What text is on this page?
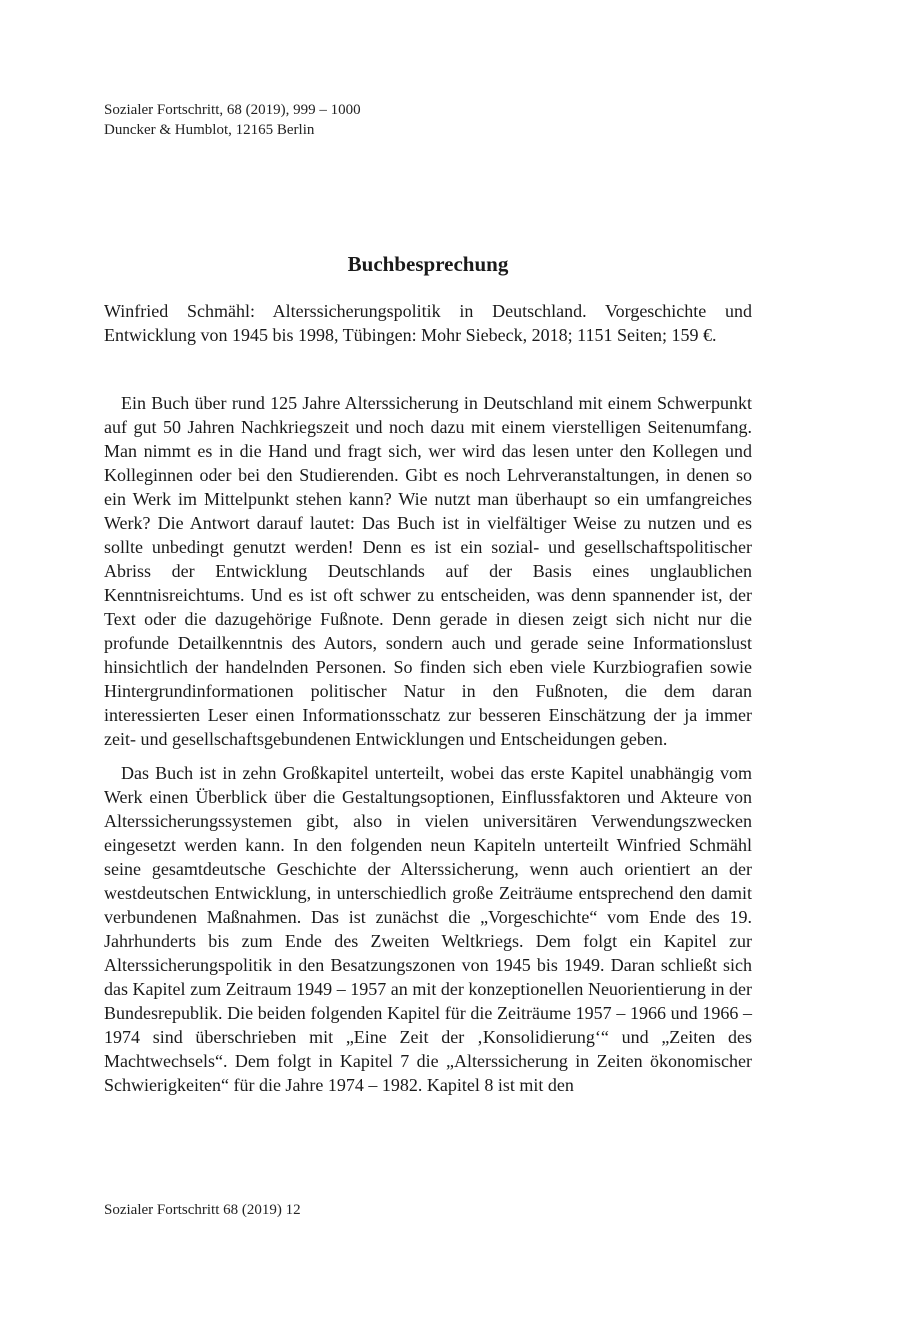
Sozialer Fortschritt, 68 (2019), 999 – 1000
Duncker & Humblot, 12165 Berlin
Buchbesprechung

Winfried Schmähl: Alterssicherungspolitik in Deutschland. Vorgeschichte und Entwicklung von 1945 bis 1998, Tübingen: Mohr Siebeck, 2018; 1151 Seiten; 159 €.

Ein Buch über rund 125 Jahre Alterssicherung in Deutschland mit einem Schwerpunkt auf gut 50 Jahren Nachkriegszeit und noch dazu mit einem vierstelligen Seitenumfang. Man nimmt es in die Hand und fragt sich, wer wird das lesen unter den Kollegen und Kolleginnen oder bei den Studierenden. Gibt es noch Lehrveranstaltungen, in denen so ein Werk im Mittelpunkt stehen kann? Wie nutzt man überhaupt so ein umfangreiches Werk? Die Antwort darauf lautet: Das Buch ist in vielfältiger Weise zu nutzen und es sollte unbedingt genutzt werden! Denn es ist ein sozial- und gesellschaftspolitischer Abriss der Entwicklung Deutschlands auf der Basis eines unglaublichen Kenntnisreichtums. Und es ist oft schwer zu entscheiden, was denn spannender ist, der Text oder die dazugehörige Fußnote. Denn gerade in diesen zeigt sich nicht nur die profunde Detailkenntnis des Autors, sondern auch und gerade seine Informationslust hinsichtlich der handelnden Personen. So finden sich eben viele Kurzbiografien sowie Hintergrundinformationen politischer Natur in den Fußnoten, die dem daran interessierten Leser einen Informationsschatz zur besseren Einschätzung der ja immer zeit- und gesellschaftsgebundenen Entwicklungen und Entscheidungen geben.

Das Buch ist in zehn Großkapitel unterteilt, wobei das erste Kapitel unabhängig vom Werk einen Überblick über die Gestaltungsoptionen, Einflussfaktoren und Akteure von Alterssicherungssystemen gibt, also in vielen universitären Verwendungszwecken eingesetzt werden kann. In den folgenden neun Kapiteln unterteilt Winfried Schmähl seine gesamtdeutsche Geschichte der Alterssicherung, wenn auch orientiert an der westdeutschen Entwicklung, in unterschiedlich große Zeiträume entsprechend den damit verbundenen Maßnahmen. Das ist zunächst die „Vorgeschichte“ vom Ende des 19. Jahrhunderts bis zum Ende des Zweiten Weltkriegs. Dem folgt ein Kapitel zur Alterssicherungspolitik in den Besatzungszonen von 1945 bis 1949. Daran schließt sich das Kapitel zum Zeitraum 1949 – 1957 an mit der konzeptionellen Neuorientierung in der Bundesrepublik. Die beiden folgenden Kapitel für die Zeiträume 1957 – 1966 und 1966 – 1974 sind überschrieben mit „Eine Zeit der ‚Konsolidierung‘“ und „Zeiten des Machtwechsels“. Dem folgt in Kapitel 7 die „Alterssicherung in Zeiten ökonomischer Schwierigkeiten“ für die Jahre 1974 – 1982. Kapitel 8 ist mit den

Sozialer Fortschritt 68 (2019) 12
